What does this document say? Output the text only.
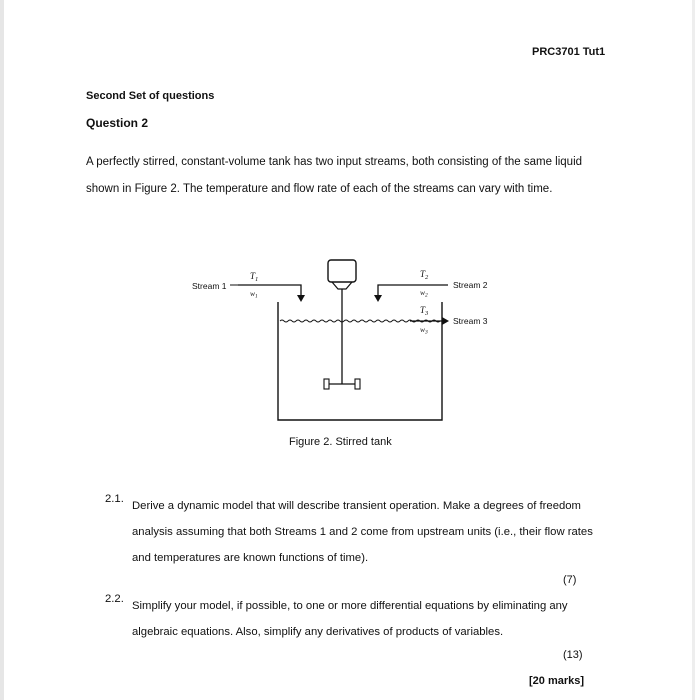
PRC3701 Tut1
Second Set of questions
Question 2
A perfectly stirred, constant-volume tank has two input streams, both consisting of the same liquid shown in Figure 2. The temperature and flow rate of each of the streams can vary with time.
Stream 1
$T_1$
$w_1$
$T_2$
$w_2$
Stream 2
$T_3$
$w_3$
Stream 3
Figure 2. Stirred tank
2.1.
Derive a dynamic model that will describe transient operation. Make a degrees of freedom analysis assuming that both Streams 1 and 2 come from upstream units (i.e., their flow rates and temperatures are known functions of time).
(7)
2.2.
Simplify your model, if possible, to one or more differential equations by eliminating any algebraic equations. Also, simplify any derivatives of products of variables.
(13)
[20 marks]
